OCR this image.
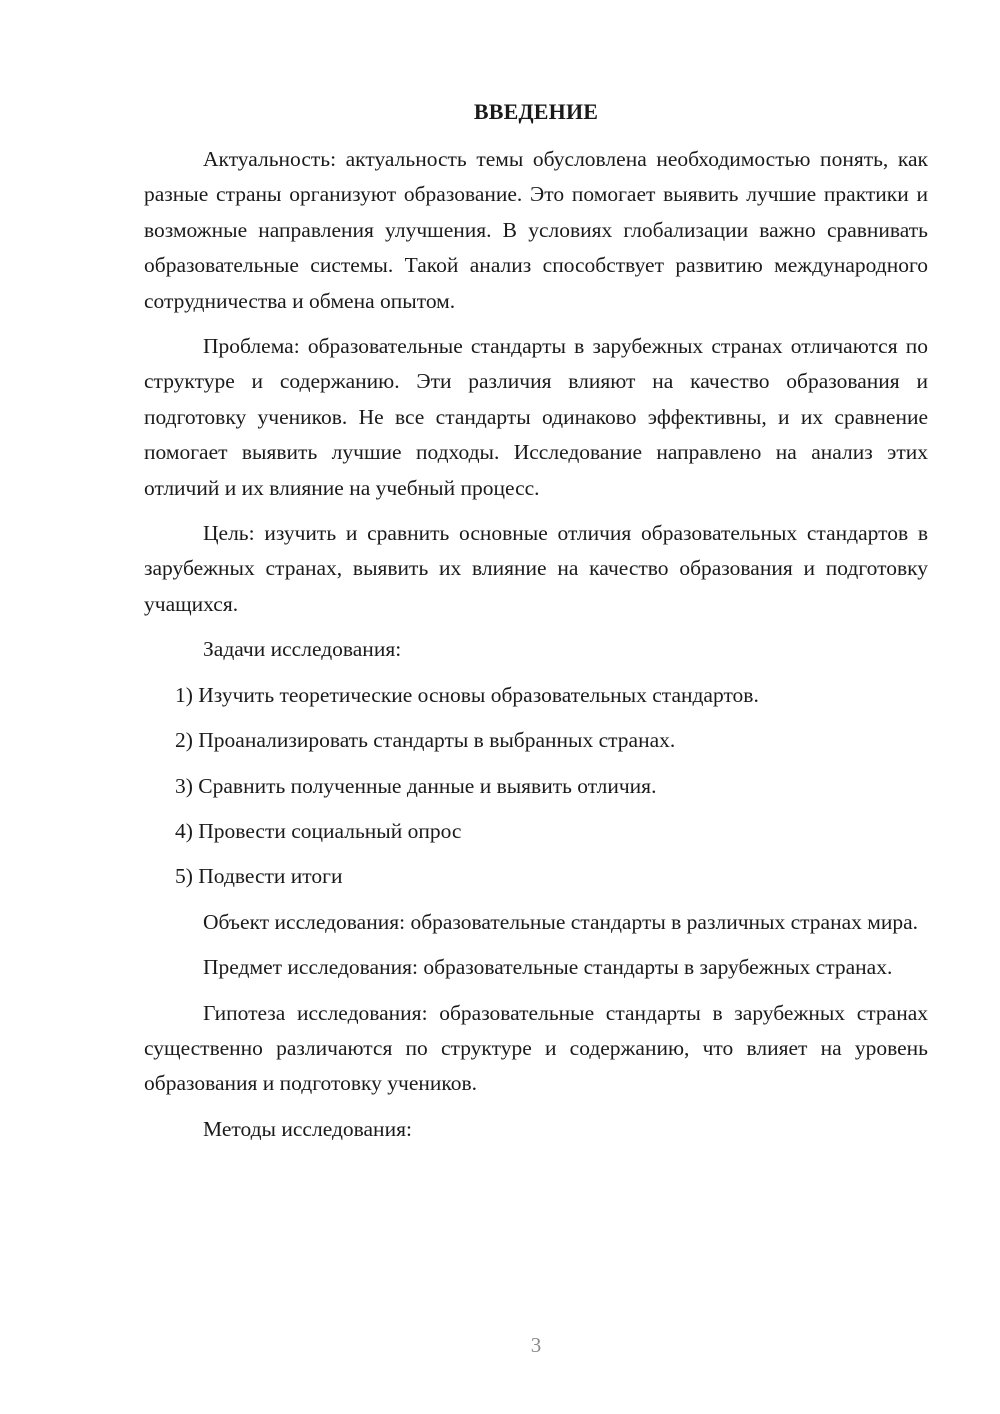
ВВЕДЕНИЕ

Актуальность: актуальность темы обусловлена необходимостью понять, как разные страны организуют образование. Это помогает выявить лучшие практики и возможные направления улучшения. В условиях глобализации важно сравнивать образовательные системы. Такой анализ способствует развитию международного сотрудничества и обмена опытом.

Проблема: образовательные стандарты в зарубежных странах отличаются по структуре и содержанию. Эти различия влияют на качество образования и подготовку учеников. Не все стандарты одинаково эффективны, и их сравнение помогает выявить лучшие подходы. Исследование направлено на анализ этих отличий и их влияние на учебный процесс.

Цель: изучить и сравнить основные отличия образовательных стандартов в зарубежных странах, выявить их влияние на качество образования и подготовку учащихся.

Задачи исследования:

1) Изучить теоретические основы образовательных стандартов.

2) Проанализировать стандарты в выбранных странах.

3) Сравнить полученные данные и выявить отличия.

4) Провести социальный опрос

5) Подвести итоги

Объект исследования: образовательные стандарты в различных странах мира.

Предмет исследования: образовательные стандарты в зарубежных странах.

Гипотеза исследования: образовательные стандарты в зарубежных странах существенно различаются по структуре и содержанию, что влияет на уровень образования и подготовку учеников.

Методы исследования:

3
